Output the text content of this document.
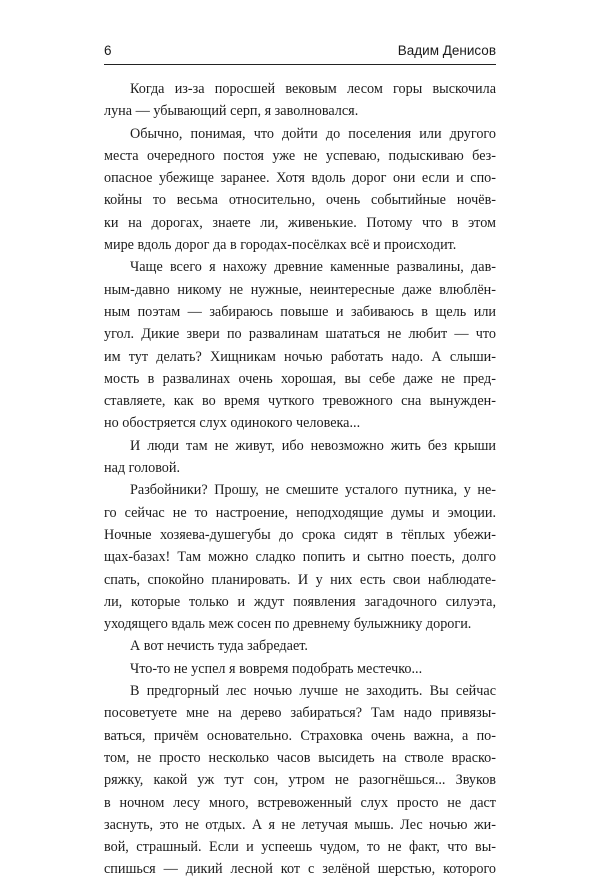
6	Вадим Денисов

Когда из-за поросшей вековым лесом горы выскочила
луна — убывающий серп, я заволновался.

Обычно, понимая, что дойти до поселения или другого
места очередного постоя уже не успеваю, подыскиваю без-
опасное убежище заранее. Хотя вдоль дорог они если и спо-
койны то весьма относительно, очень событийные ночёв-
ки на дорогах, знаете ли, живенькие. Потому что в этом
мире вдоль дорог да в городах-посёлках всё и происходит.

Чаще всего я нахожу древние каменные развалины, дав-
ным-давно никому не нужные, неинтересные даже влюблён-
ным поэтам — забираюсь повыше и забиваюсь в щель или
угол. Дикие звери по развалинам шататься не любит — что
им тут делать? Хищникам ночью работать надо. А слыши-
мость в развалинах очень хорошая, вы себе даже не пред-
ставляете, как во время чуткого тревожного сна вынужден-
но обостряется слух одинокого человека...

И люди там не живут, ибо невозможно жить без крыши
над головой.

Разбойники? Прошу, не смешите усталого путника, у не-
го сейчас не то настроение, неподходящие думы и эмоции.
Ночные хозяева-душегубы до срока сидят в тёплых убежи-
щах-базах! Там можно сладко попить и сытно поесть, долго
спать, спокойно планировать. И у них есть свои наблюдате-
ли, которые только и ждут появления загадочного силуэта,
уходящего вдаль меж сосен по древнему булыжнику дороги.

А вот нечисть туда забредает.

Что-то не успел я вовремя подобрать местечко...

В предгорный лес ночью лучше не заходить. Вы сейчас
посоветуете мне на дерево забираться? Там надо привязы-
ваться, причём основательно. Страховка очень важна, а по-
том, не просто несколько часов высидеть на стволе враско-
ряжку, какой уж тут сон, утром не разогнёшься... Звуков
в ночном лесу много, встревоженный слух просто не даст
заснуть, это не отдых. А я не летучая мышь. Лес ночью жи-
вой, страшный. Если и успеешь чудом, то не факт, что вы-
спишься — дикий лесной кот с зелёной шерстью, которого
